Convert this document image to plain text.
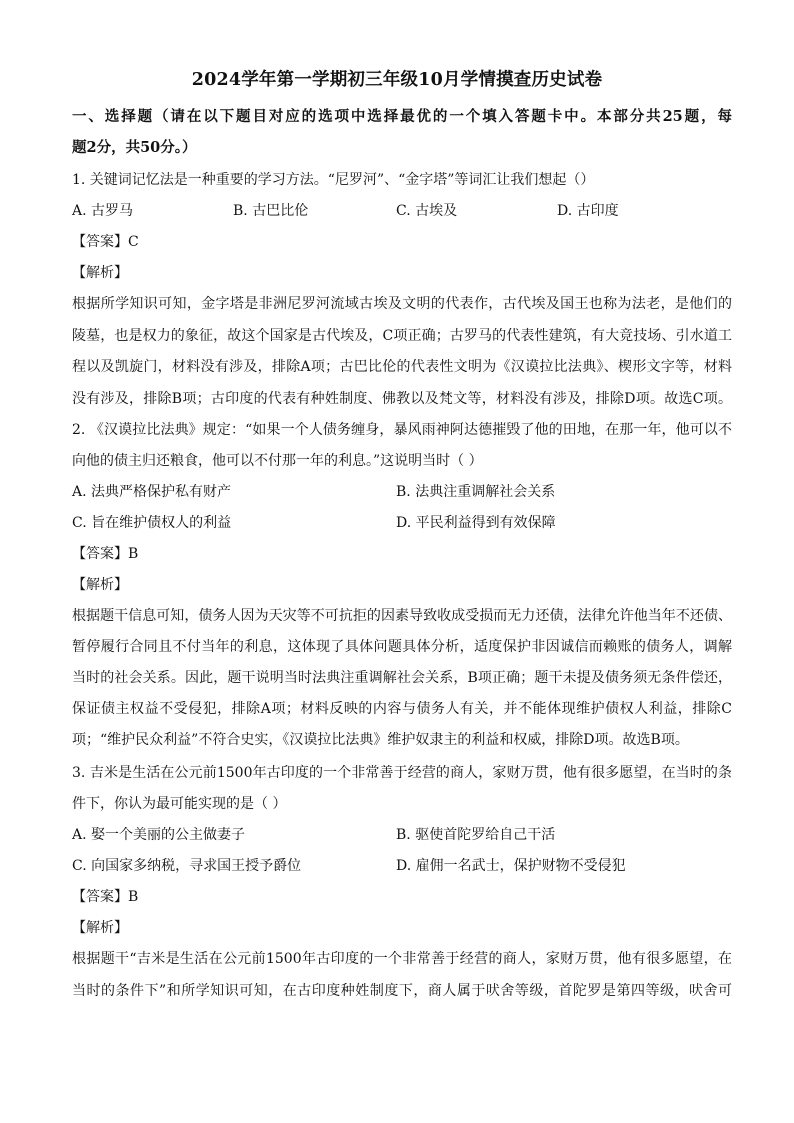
2024学年第一学期初三年级10月学情摸查历史试卷
一、选择题（请在以下题目对应的选项中选择最优的一个填入答题卡中。本部分共25题，每
题2分，共50分。）
1. 关键词记忆法是一种重要的学习方法。“尼罗河”、“金字塔”等词汇让我们想起（）
A. 古罗马	B. 古巴比伦	C. 古埃及	D. 古印度
【答案】C
【解析】
根据所学知识可知，金字塔是非洲尼罗河流域古埃及文明的代表作，古代埃及国王也称为法老，是他们的
陵墓，也是权力的象征，故这个国家是古代埃及，C项正确；古罗马的代表性建筑，有大竞技场、引水道工
程以及凯旋门，材料没有涉及，排除A项；古巴比伦的代表性文明为《汉谟拉比法典》、楔形文字等，材料
没有涉及，排除B项；古印度的代表有种姓制度、佛教以及梵文等，材料没有涉及，排除D项。故选C项。
2. 《汉谟拉比法典》规定：“如果一个人债务缠身，暴风雨神阿达德摧毁了他的田地，在那一年，他可以不
向他的债主归还粮食，他可以不付那一年的利息。”这说明当时（ ）
A. 法典严格保护私有财产	B. 法典注重调解社会关系
C. 旨在维护债权人的利益	D. 平民利益得到有效保障
【答案】B
【解析】
根据题干信息可知，债务人因为天灾等不可抗拒的因素导致收成受损而无力还债，法律允许他当年不还债、
暂停履行合同且不付当年的利息，这体现了具体问题具体分析，适度保护非因诚信而赖账的债务人，调解
当时的社会关系。因此，题干说明当时法典注重调解社会关系，B项正确；题干未提及债务须无条件偿还，
保证债主权益不受侵犯，排除A项；材料反映的内容与债务人有关，并不能体现维护债权人利益，排除C
项；“维护民众利益”不符合史实，《汉谟拉比法典》维护奴隶主的利益和权威，排除D项。故选B项。
3. 吉米是生活在公元前1500年古印度的一个非常善于经营的商人，家财万贯，他有很多愿望，在当时的条
件下，你认为最可能实现的是（ ）
A. 娶一个美丽的公主做妻子	B. 驱使首陀罗给自己干活
C. 向国家多纳税，寻求国王授予爵位	D. 雇佣一名武士，保护财物不受侵犯
【答案】B
【解析】
根据题干“吉米是生活在公元前1500年古印度的一个非常善于经营的商人，家财万贯，他有很多愿望，在
当时的条件下”和所学知识可知，在古印度种姓制度下，商人属于吠舍等级，首陀罗是第四等级，吠舍可
